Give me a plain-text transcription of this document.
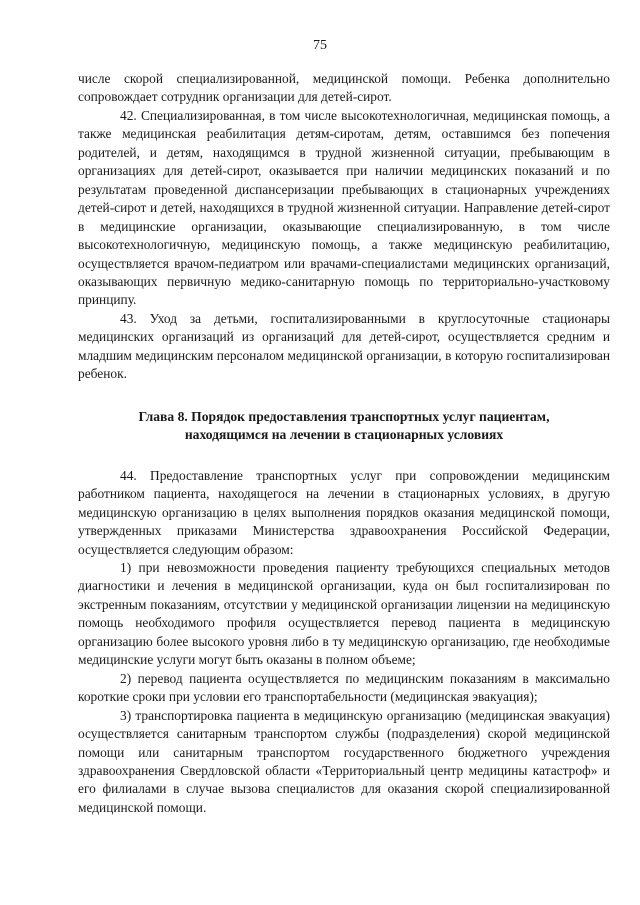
75

числе скорой специализированной, медицинской помощи. Ребенка дополнительно сопровождает сотрудник организации для детей-сирот.

42. Специализированная, в том числе высокотехнологичная, медицинская помощь, а также медицинская реабилитация детям-сиротам, детям, оставшимся без попечения родителей, и детям, находящимся в трудной жизненной ситуации, пребывающим в организациях для детей-сирот, оказывается при наличии медицинских показаний и по результатам проведенной диспансеризации пребывающих в стационарных учреждениях детей-сирот и детей, находящихся в трудной жизненной ситуации. Направление детей-сирот в медицинские организации, оказывающие специализированную, в том числе высокотехнологичную, медицинскую помощь, а также медицинскую реабилитацию, осуществляется врачом-педиатром или врачами-специалистами медицинских организаций, оказывающих первичную медико-санитарную помощь по территориально-участковому принципу.

43. Уход за детьми, госпитализированными в круглосуточные стационары медицинских организаций из организаций для детей-сирот, осуществляется средним и младшим медицинским персоналом медицинской организации, в которую госпитализирован ребенок.

Глава 8. Порядок предоставления транспортных услуг пациентам,
находящимся на лечении в стационарных условиях

44. Предоставление транспортных услуг при сопровождении медицинским работником пациента, находящегося на лечении в стационарных условиях, в другую медицинскую организацию в целях выполнения порядков оказания медицинской помощи, утвержденных приказами Министерства здравоохранения Российской Федерации, осуществляется следующим образом:

1) при невозможности проведения пациенту требующихся специальных методов диагностики и лечения в медицинской организации, куда он был госпитализирован по экстренным показаниям, отсутствии у медицинской организации лицензии на медицинскую помощь необходимого профиля осуществляется перевод пациента в медицинскую организацию более высокого уровня либо в ту медицинскую организацию, где необходимые медицинские услуги могут быть оказаны в полном объеме;

2) перевод пациента осуществляется по медицинским показаниям в максимально короткие сроки при условии его транспортабельности (медицинская эвакуация);

3) транспортировка пациента в медицинскую организацию (медицинская эвакуация) осуществляется санитарным транспортом службы (подразделения) скорой медицинской помощи или санитарным транспортом государственного бюджетного учреждения здравоохранения Свердловской области «Территориальный центр медицины катастроф» и его филиалами в случае вызова специалистов для оказания скорой специализированной медицинской помощи.
